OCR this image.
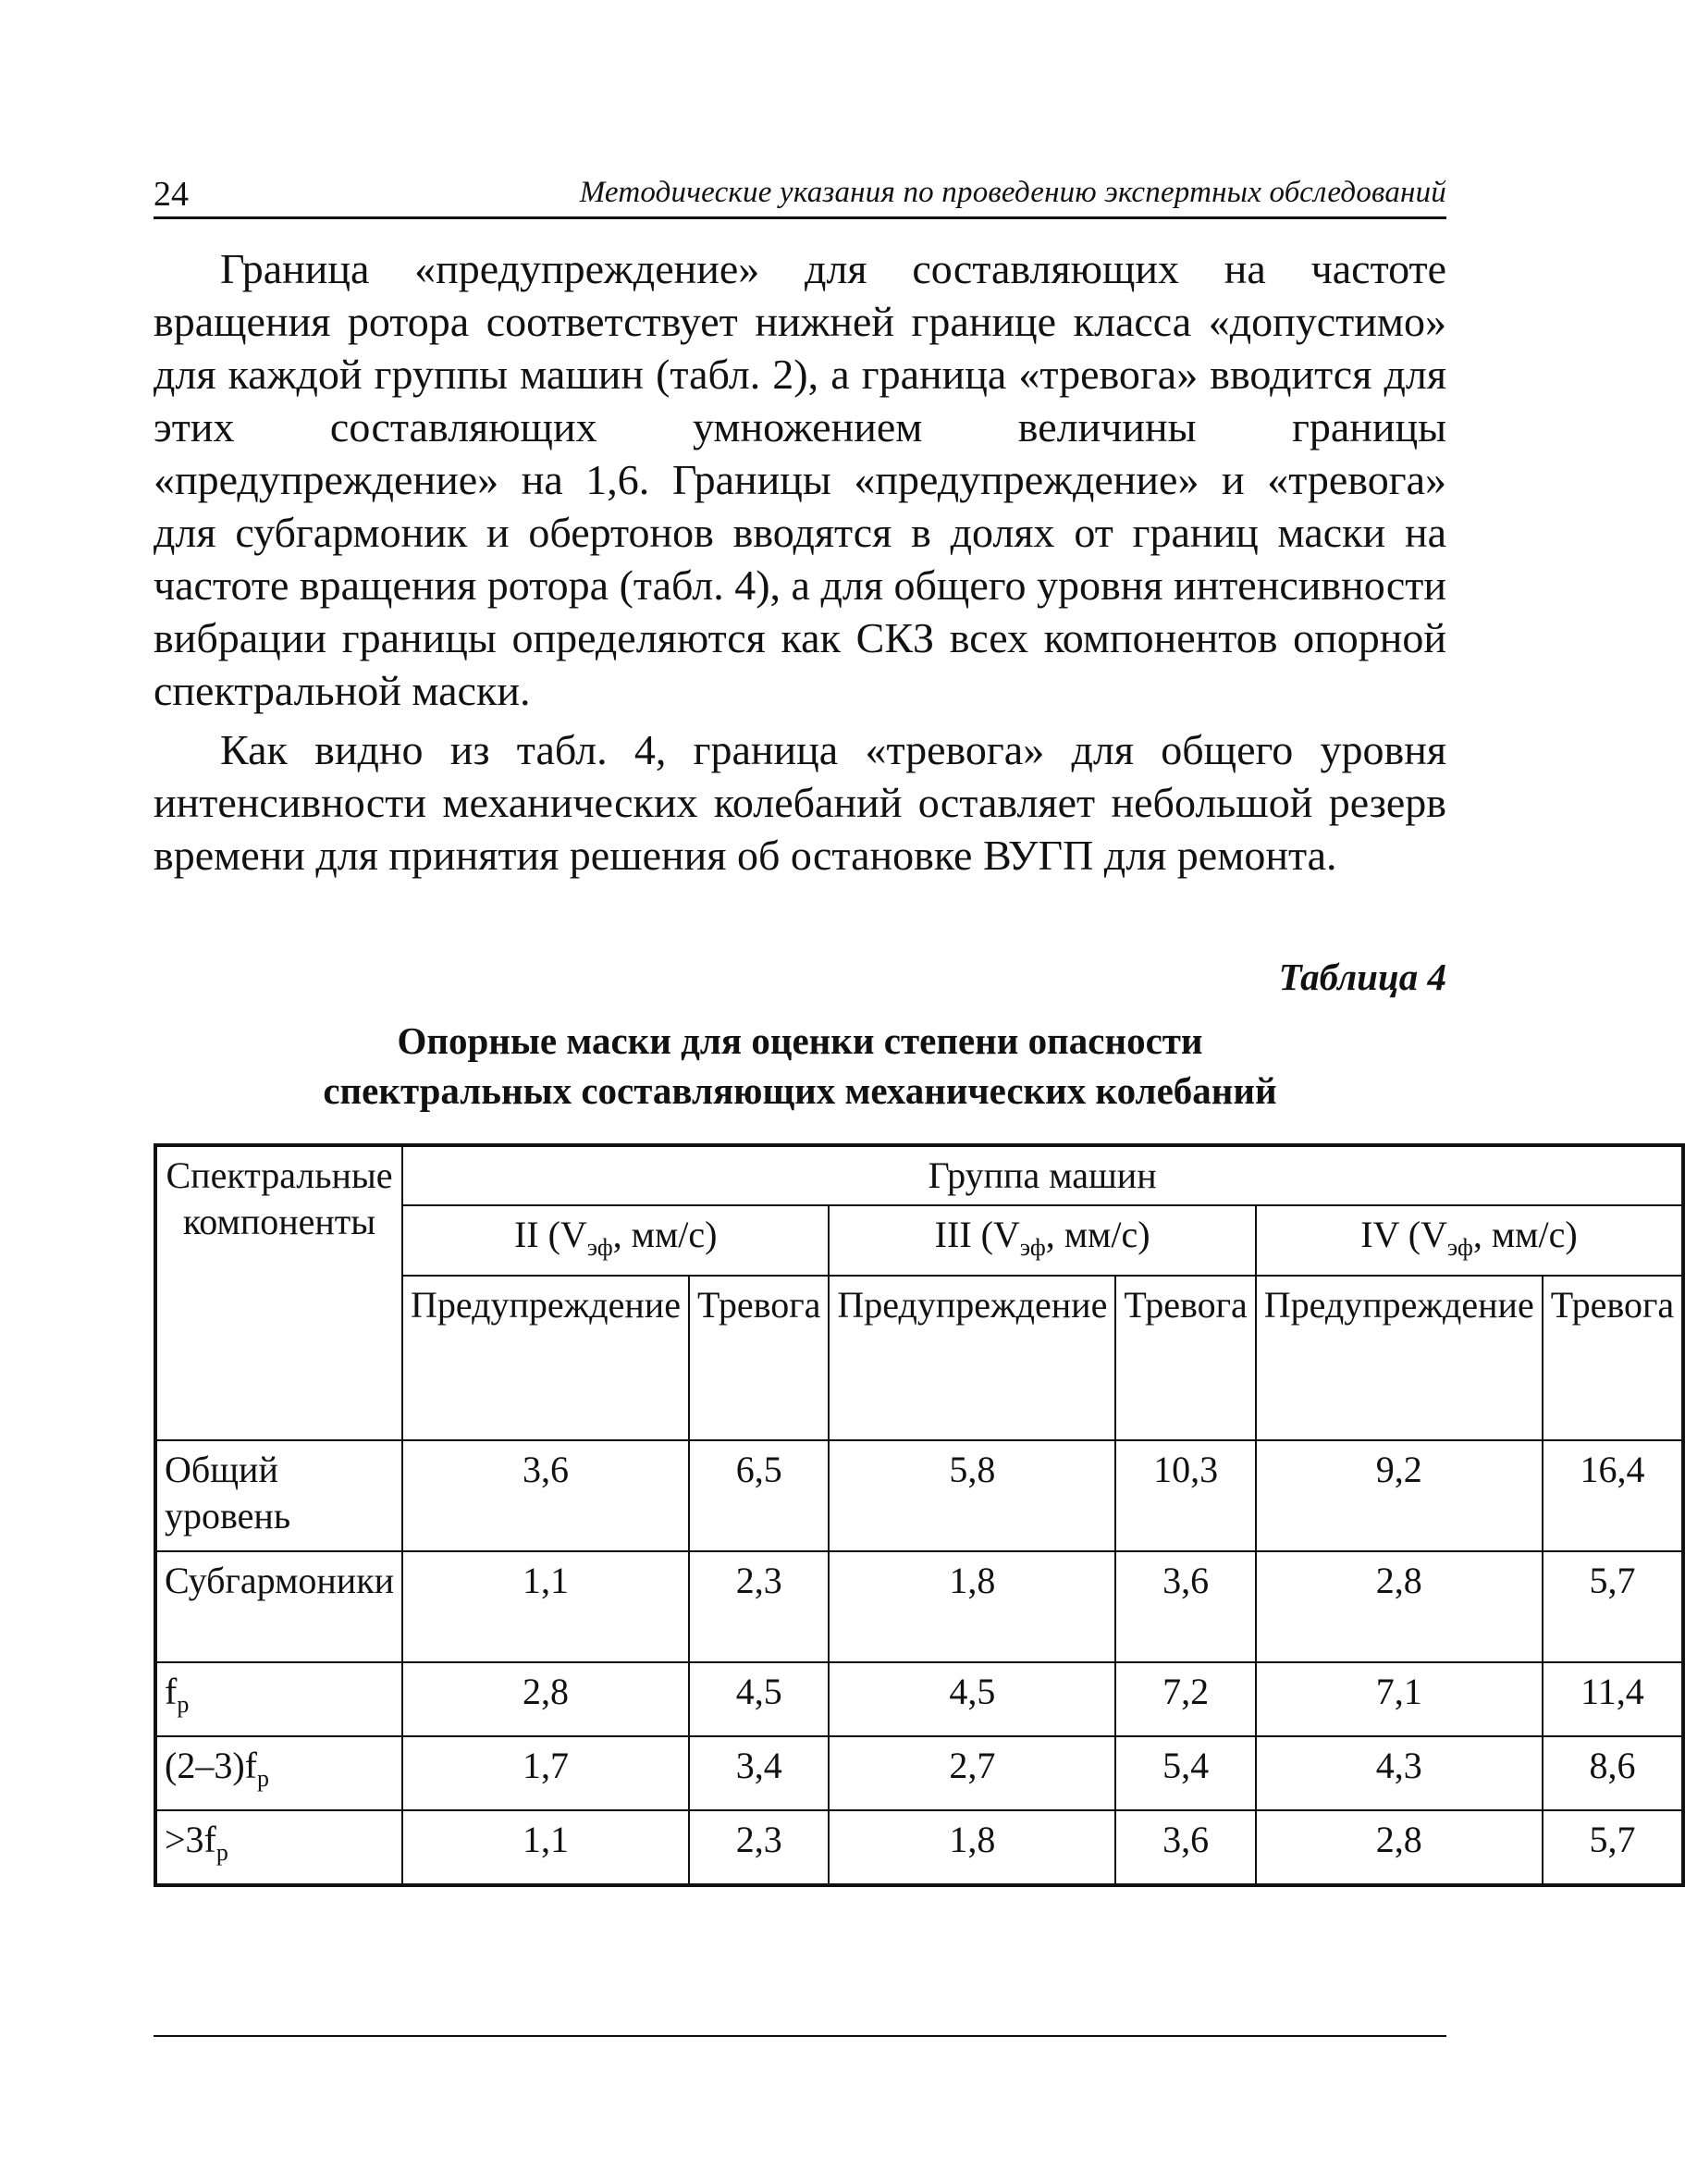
24	Методические указания по проведению экспертных обследований

Граница «предупреждение» для составляющих на частоте вращения ротора соответствует нижней границе класса «допустимо» для каждой группы машин (табл. 2), а граница «тревога» вводится для этих составляющих умножением величины границы «предупреждение» на 1,6. Границы «предупреждение» и «тревога» для субгармоник и обертонов вводятся в долях от границ маски на частоте вращения ротора (табл. 4), а для общего уровня интенсивности вибрации границы определяются как СКЗ всех компонентов опорной спектральной маски.

Как видно из табл. 4, граница «тревога» для общего уровня интенсивности механических колебаний оставляет небольшой резерв времени для принятия решения об остановке ВУГП для ремонта.

Таблица 4

Опорные маски для оценки степени опасности
спектральных составляющих механических колебаний

Спектральные компоненты	Группа машин					
	II ($V_{эф}$, мм/с)		III ($V_{эф}$, мм/с)		IV ($V_{эф}$, мм/с)	
	Предупреждение	Тревога	Предупреждение	Тревога	Предупреждение	Тревога
Общий уровень	3,6	6,5	5,8	10,3	9,2	16,4
Субгармоники	1,1	2,3	1,8	3,6	2,8	5,7
$f_р$	2,8	4,5	4,5	7,2	7,1	11,4
$(2-3)f_р$	1,7	3,4	2,7	5,4	4,3	8,6
$>3f_р$	1,1	2,3	1,8	3,6	2,8	5,7
